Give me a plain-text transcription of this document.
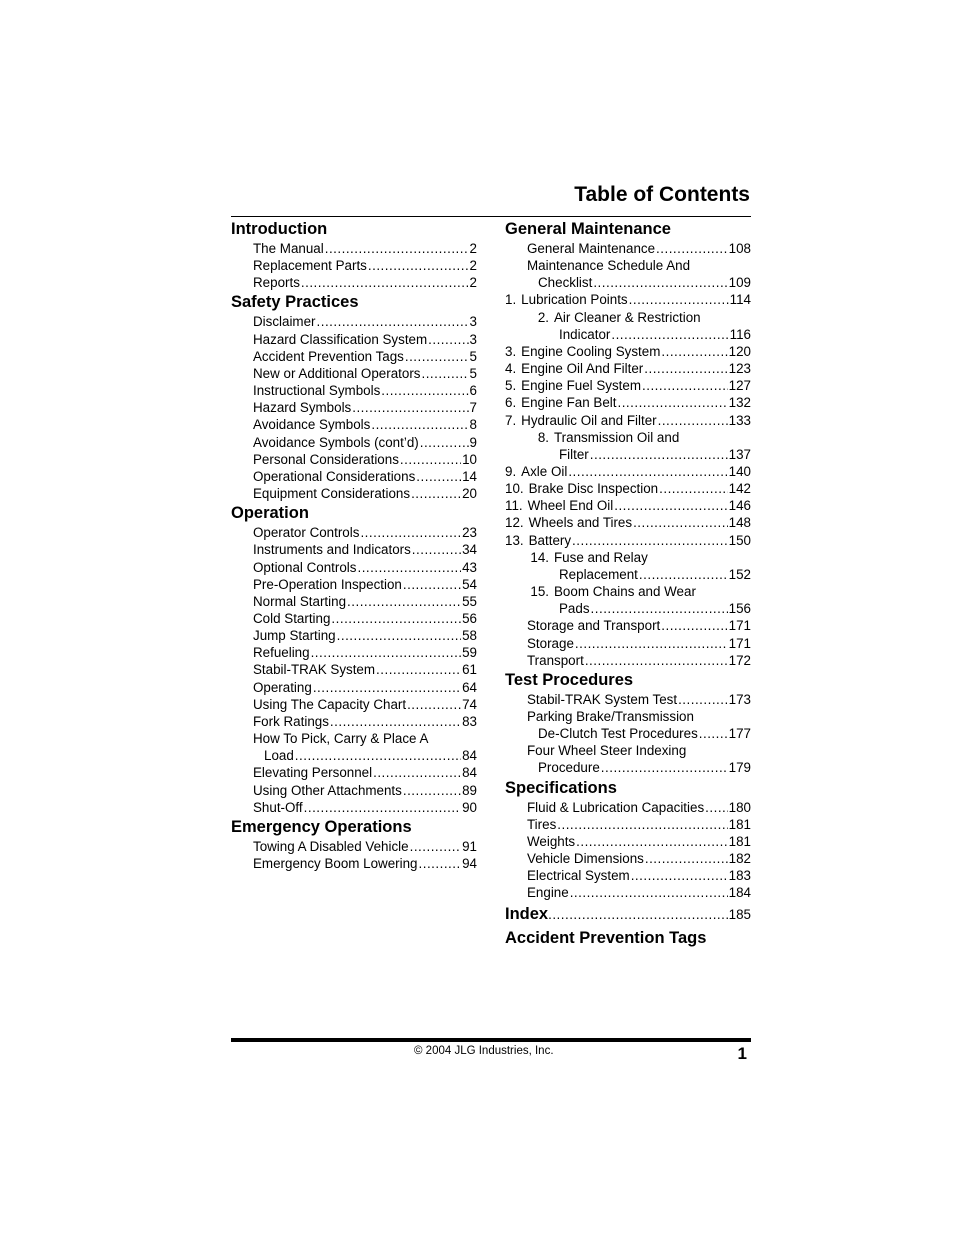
Table of Contents
Introduction
The Manual .....	2
Replacement Parts .....	2
Reports .....	2
Safety Practices
Disclaimer .....	3
Hazard Classification System .....	3
Accident Prevention Tags .....	5
New or Additional Operators .....	5
Instructional Symbols .....	6
Hazard Symbols .....	7
Avoidance Symbols .....	8
Avoidance Symbols (cont’d) .....	9
Personal Considerations .....	10
Operational Considerations .....	14
Equipment Considerations .....	20
Operation
Operator Controls .....	23
Instruments and Indicators .....	34
Optional Controls .....	43
Pre-Operation Inspection .....	54
Normal Starting .....	55
Cold Starting .....	56
Jump Starting .....	58
Refueling .....	59
Stabil-TRAK System .....	61
Operating .....	64
Using The Capacity Chart .....	74
Fork Ratings .....	83
How To Pick, Carry & Place A
Load .....	84
Elevating Personnel .....	84
Using Other Attachments .....	89
Shut-Off .....	90
Emergency Operations
Towing A Disabled Vehicle .....	91
Emergency Boom Lowering .....	94
General Maintenance
General Maintenance .....	108
Maintenance Schedule And
Checklist .....	109
1. Lubrication Points .....	114
2. Air Cleaner & Restriction
Indicator .....	116
3. Engine Cooling System .....	120
4. Engine Oil And Filter .....	123
5. Engine Fuel System .....	127
6. Engine Fan Belt .....	132
7. Hydraulic Oil and Filter .....	133
8. Transmission Oil and
Filter .....	137
9. Axle Oil .....	140
10. Brake Disc Inspection .....	142
11. Wheel End Oil .....	146
12. Wheels and Tires .....	148
13. Battery .....	150
14. Fuse and Relay
Replacement .....	152
15. Boom Chains and Wear
Pads .....	156
Storage and Transport .....	171
Storage .....	171
Transport .....	172
Test Procedures
Stabil-TRAK System Test .....	173
Parking Brake/Transmission
De-Clutch Test Procedures ..... 177
Four Wheel Steer Indexing
Procedure .....	179
Specifications
Fluid & Lubrication Capacities ..... 180
Tires .....	181
Weights .....	181
Vehicle Dimensions .....	182
Electrical System .....	183
Engine .....	184
Index .....	185
Accident Prevention Tags
© 2004 JLG Industries, Inc.	1
